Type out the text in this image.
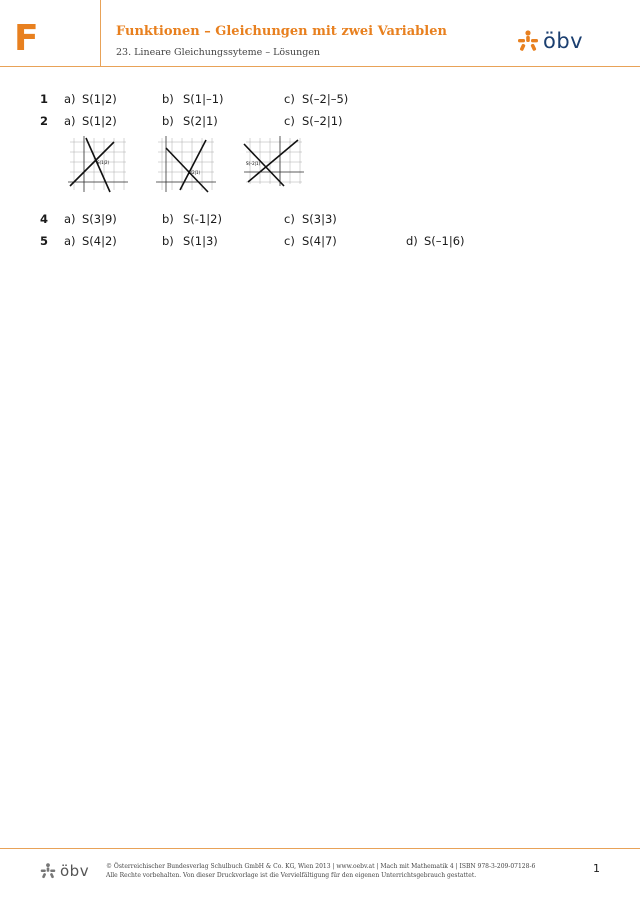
F	Funktionen – Gleichungen mit zwei Variablen
23. Lineare Gleichungssyteme – Lösungen	öbv
1 a) S(1|2)	b) S(1|–1)	c) S(–2|–5)
2 a) S(1|2)	b) S(2|1)	c) S(–2|1)
S(1|2)
S(2|1)
S(–2|1)
4 a) S(3|9)	b) S(-1|2)	c) S(3|3)
5 a) S(4|2)	b) S(1|3)	c) S(4|7)	d) S(–1|6)
öbv	© Österreichischer Bundesverlag Schulbuch GmbH & Co. KG, Wien 2013 | www.oebv.at | Mach mit Mathematik 4 | ISBN 978-3-209-07128-6
Alle Rechte vorbehalten. Von dieser Druckvorlage ist die Vervielfältigung für den eigenen Unterrichtsgebrauch gestattet.
1
